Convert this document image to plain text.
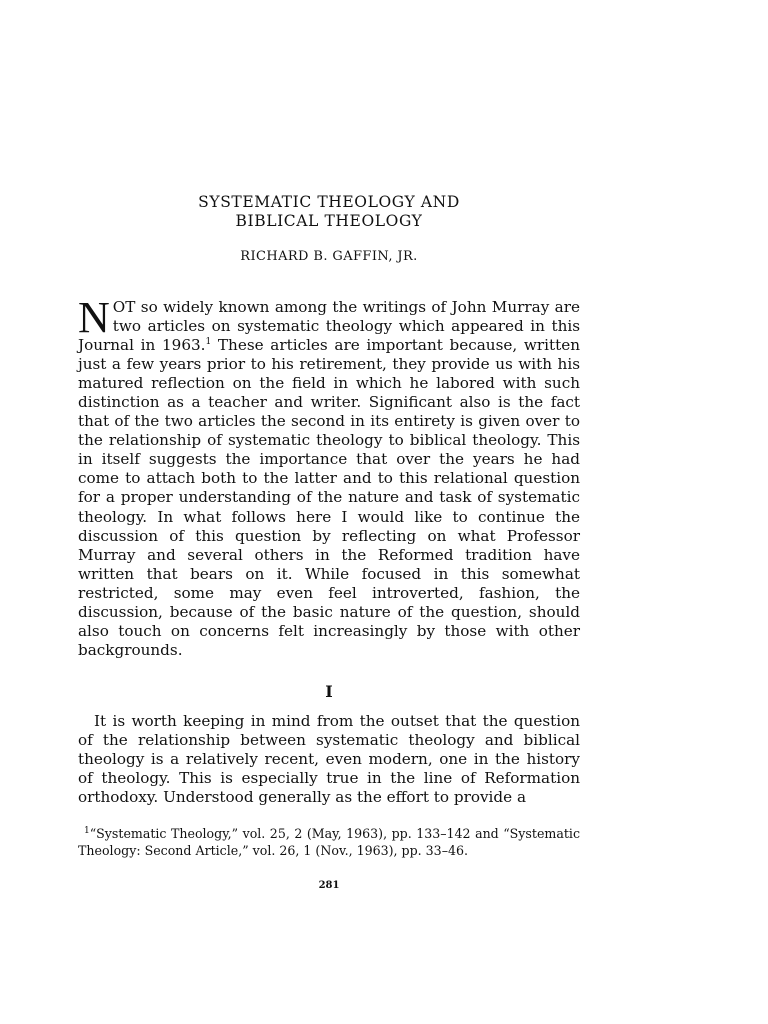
SYSTEMATIC THEOLOGY AND
BIBLICAL THEOLOGY
RICHARD B. GAFFIN, JR.

NOT so widely known among the writings of John Murray are two articles on systematic theology which appeared in this Journal in 1963.$^1$ These articles are important because, written just a few years prior to his retirement, they provide us with his matured reflection on the field in which he labored with such distinction as a teacher and writer. Significant also is the fact that of the two articles the second in its entirety is given over to the relationship of systematic theology to biblical theology. This in itself suggests the importance that over the years he had come to attach both to the latter and to this relational question for a proper understanding of the nature and task of systematic theology. In what follows here I would like to continue the discussion of this question by reflecting on what Professor Murray and several others in the Reformed tradition have written that bears on it. While focused in this somewhat restricted, some may even feel introverted, fashion, the discussion, because of the basic nature of the question, should also touch on concerns felt increasingly by those with other backgrounds.

I

It is worth keeping in mind from the outset that the question of the relationship between systematic theology and biblical theology is a relatively recent, even modern, one in the history of theology. This is especially true in the line of Reformation orthodoxy. Understood generally as the effort to provide a

$^1$“Systematic Theology,” vol. 25, 2 (May, 1963), pp. 133–142 and “Systematic Theology: Second Article,” vol. 26, 1 (Nov., 1963), pp. 33–46.

281
